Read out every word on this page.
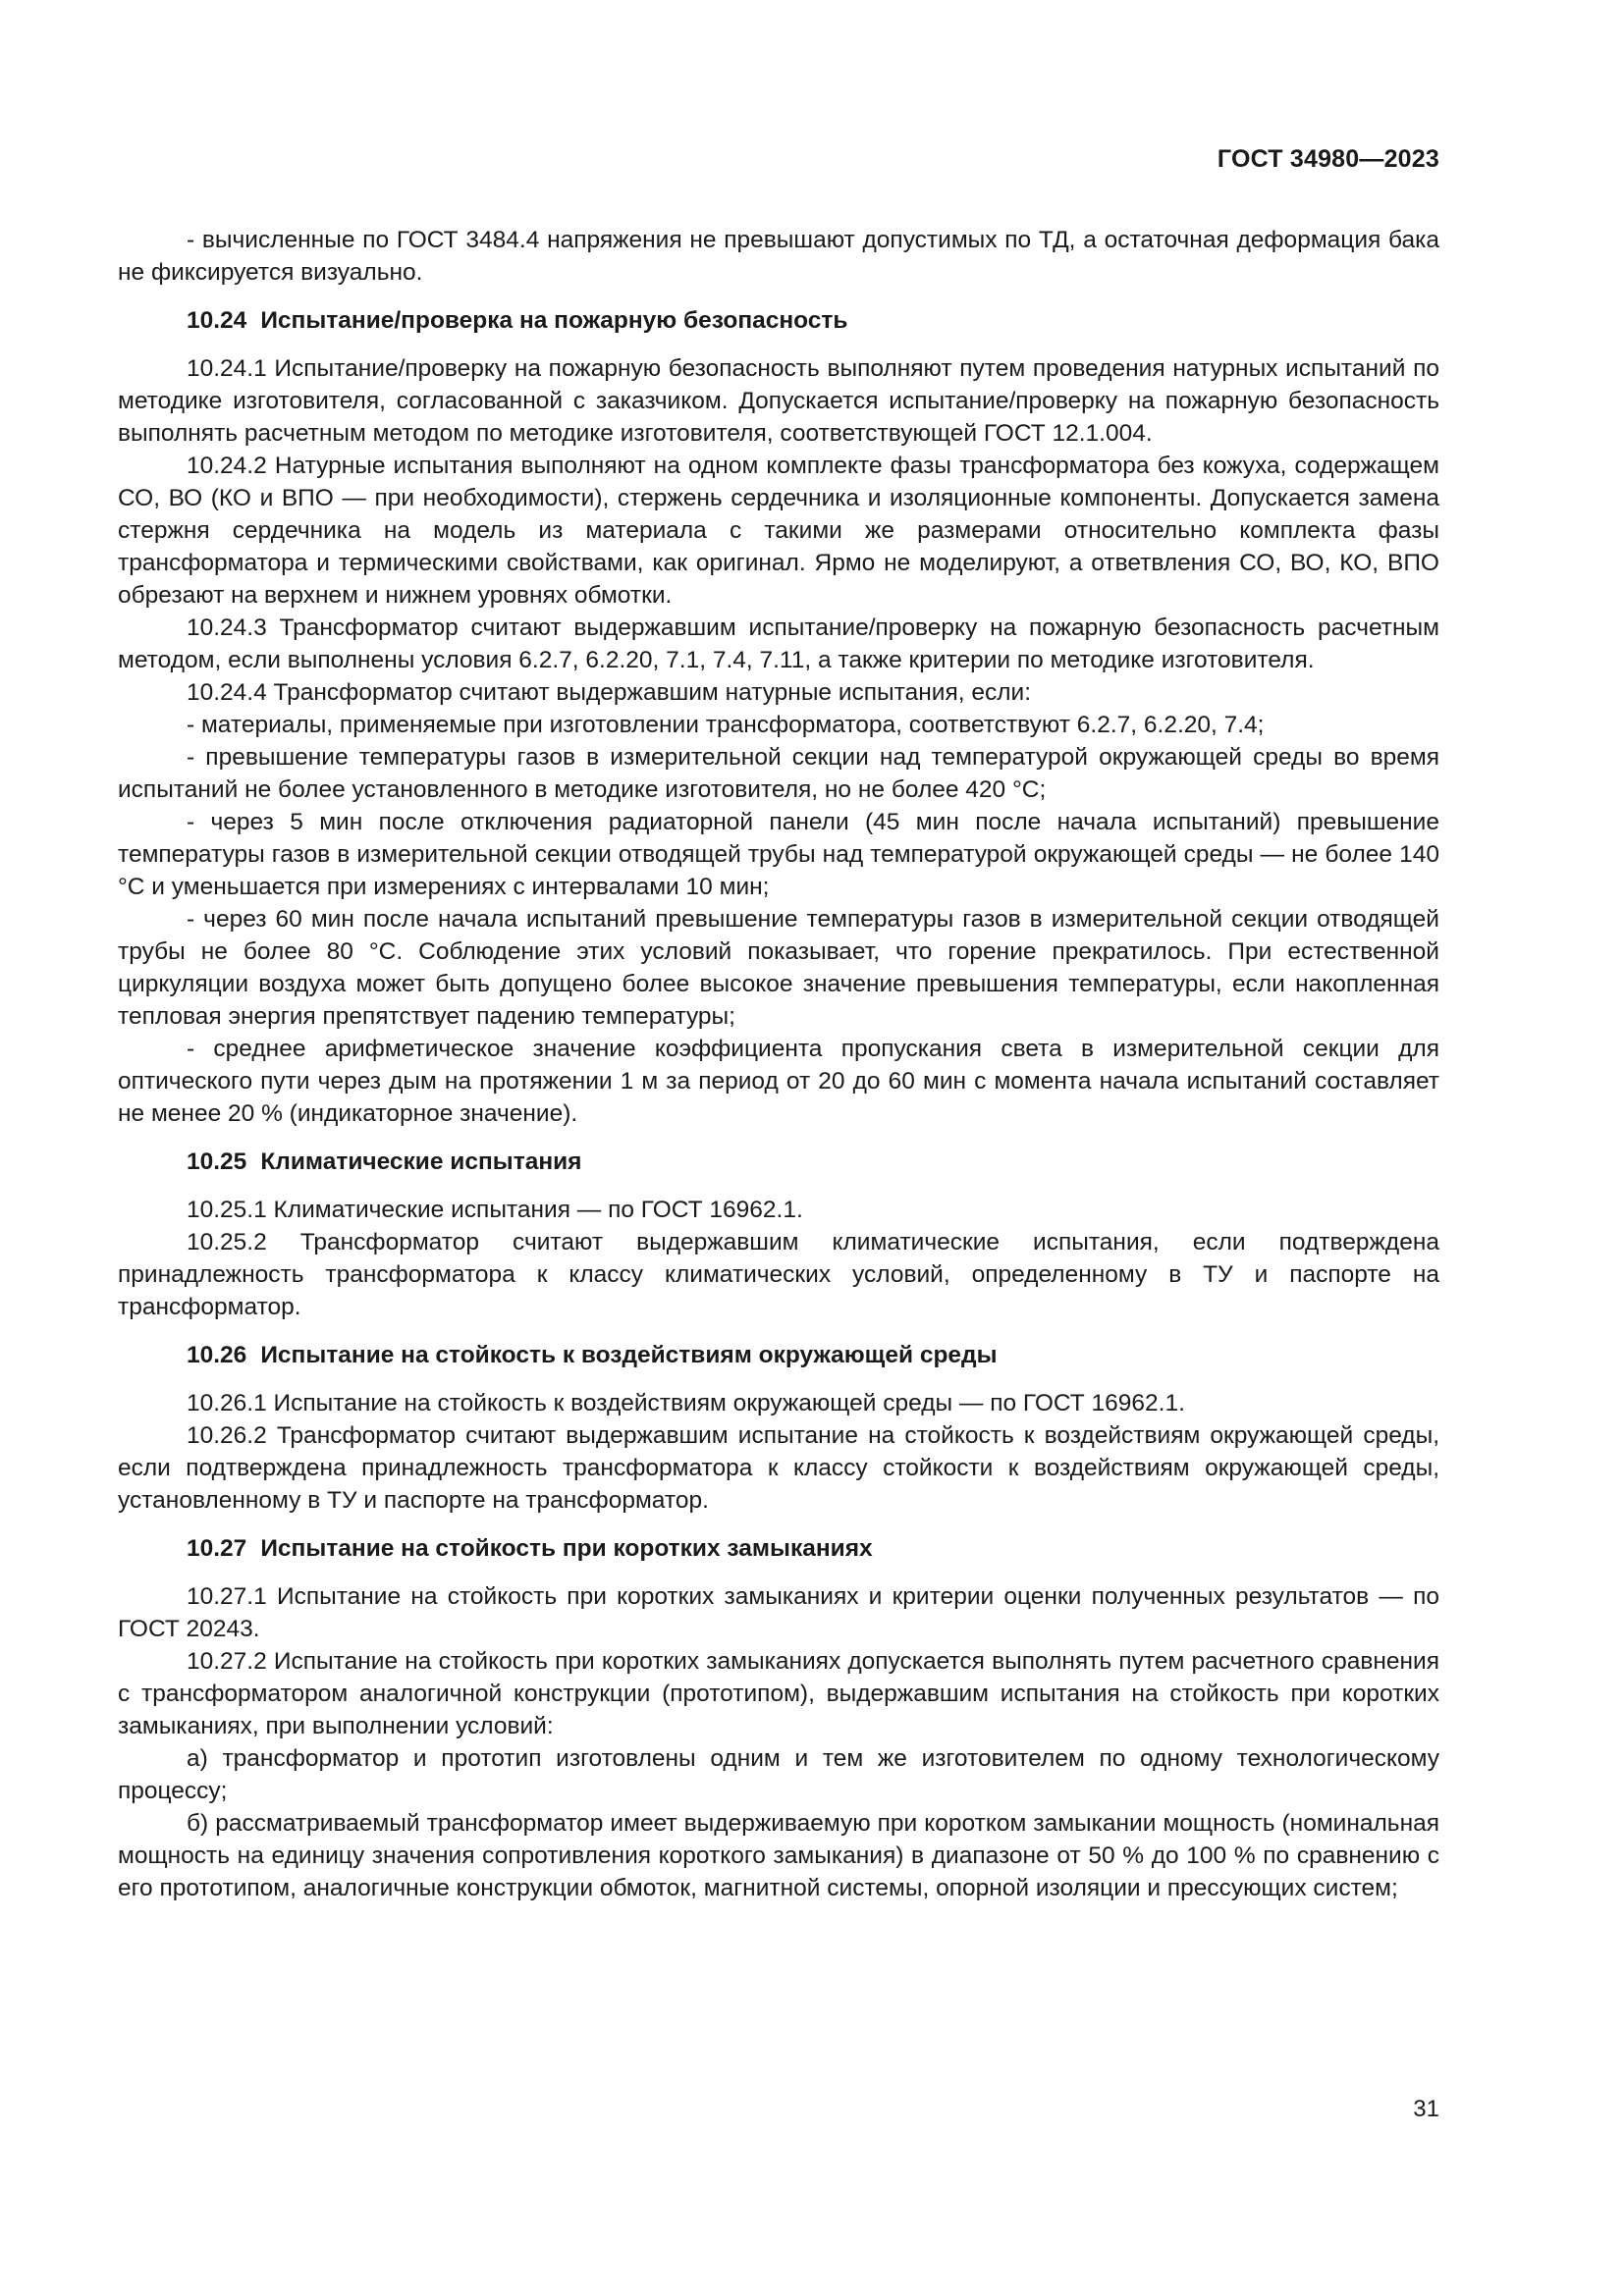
ГОСТ 34980—2023

- вычисленные по ГОСТ 3484.4 напряжения не превышают допустимых по ТД, а остаточная деформация бака не фиксируется визуально.

10.24 Испытание/проверка на пожарную безопасность

10.24.1 Испытание/проверку на пожарную безопасность выполняют путем проведения натурных испытаний по методике изготовителя, согласованной с заказчиком. Допускается испытание/проверку на пожарную безопасность выполнять расчетным методом по методике изготовителя, соответствующей ГОСТ 12.1.004.

10.24.2 Натурные испытания выполняют на одном комплекте фазы трансформатора без кожуха, содержащем СО, ВО (КО и ВПО — при необходимости), стержень сердечника и изоляционные компоненты. Допускается замена стержня сердечника на модель из материала с такими же размерами относительно комплекта фазы трансформатора и термическими свойствами, как оригинал. Ярмо не моделируют, а ответвления СО, ВО, КО, ВПО обрезают на верхнем и нижнем уровнях обмотки.

10.24.3 Трансформатор считают выдержавшим испытание/проверку на пожарную безопасность расчетным методом, если выполнены условия 6.2.7, 6.2.20, 7.1, 7.4, 7.11, а также критерии по методике изготовителя.

10.24.4 Трансформатор считают выдержавшим натурные испытания, если:

- материалы, применяемые при изготовлении трансформатора, соответствуют 6.2.7, 6.2.20, 7.4;

- превышение температуры газов в измерительной секции над температурой окружающей среды во время испытаний не более установленного в методике изготовителя, но не более 420 °С;

- через 5 мин после отключения радиаторной панели (45 мин после начала испытаний) превышение температуры газов в измерительной секции отводящей трубы над температурой окружающей среды — не более 140 °С и уменьшается при измерениях с интервалами 10 мин;

- через 60 мин после начала испытаний превышение температуры газов в измерительной секции отводящей трубы не более 80 °С. Соблюдение этих условий показывает, что горение прекратилось. При естественной циркуляции воздуха может быть допущено более высокое значение превышения температуры, если накопленная тепловая энергия препятствует падению температуры;

- среднее арифметическое значение коэффициента пропускания света в измерительной секции для оптического пути через дым на протяжении 1 м за период от 20 до 60 мин с момента начала испытаний составляет не менее 20 % (индикаторное значение).

10.25 Климатические испытания

10.25.1 Климатические испытания — по ГОСТ 16962.1.

10.25.2 Трансформатор считают выдержавшим климатические испытания, если подтверждена принадлежность трансформатора к классу климатических условий, определенному в ТУ и паспорте на трансформатор.

10.26 Испытание на стойкость к воздействиям окружающей среды

10.26.1 Испытание на стойкость к воздействиям окружающей среды — по ГОСТ 16962.1.

10.26.2 Трансформатор считают выдержавшим испытание на стойкость к воздействиям окружающей среды, если подтверждена принадлежность трансформатора к классу стойкости к воздействиям окружающей среды, установленному в ТУ и паспорте на трансформатор.

10.27 Испытание на стойкость при коротких замыканиях

10.27.1 Испытание на стойкость при коротких замыканиях и критерии оценки полученных результатов — по ГОСТ 20243.

10.27.2 Испытание на стойкость при коротких замыканиях допускается выполнять путем расчетного сравнения с трансформатором аналогичной конструкции (прототипом), выдержавшим испытания на стойкость при коротких замыканиях, при выполнении условий:

а) трансформатор и прототип изготовлены одним и тем же изготовителем по одному технологическому процессу;

б) рассматриваемый трансформатор имеет выдерживаемую при коротком замыкании мощность (номинальная мощность на единицу значения сопротивления короткого замыкания) в диапазоне от 50 % до 100 % по сравнению с его прототипом, аналогичные конструкции обмоток, магнитной системы, опорной изоляции и прессующих систем;

31
